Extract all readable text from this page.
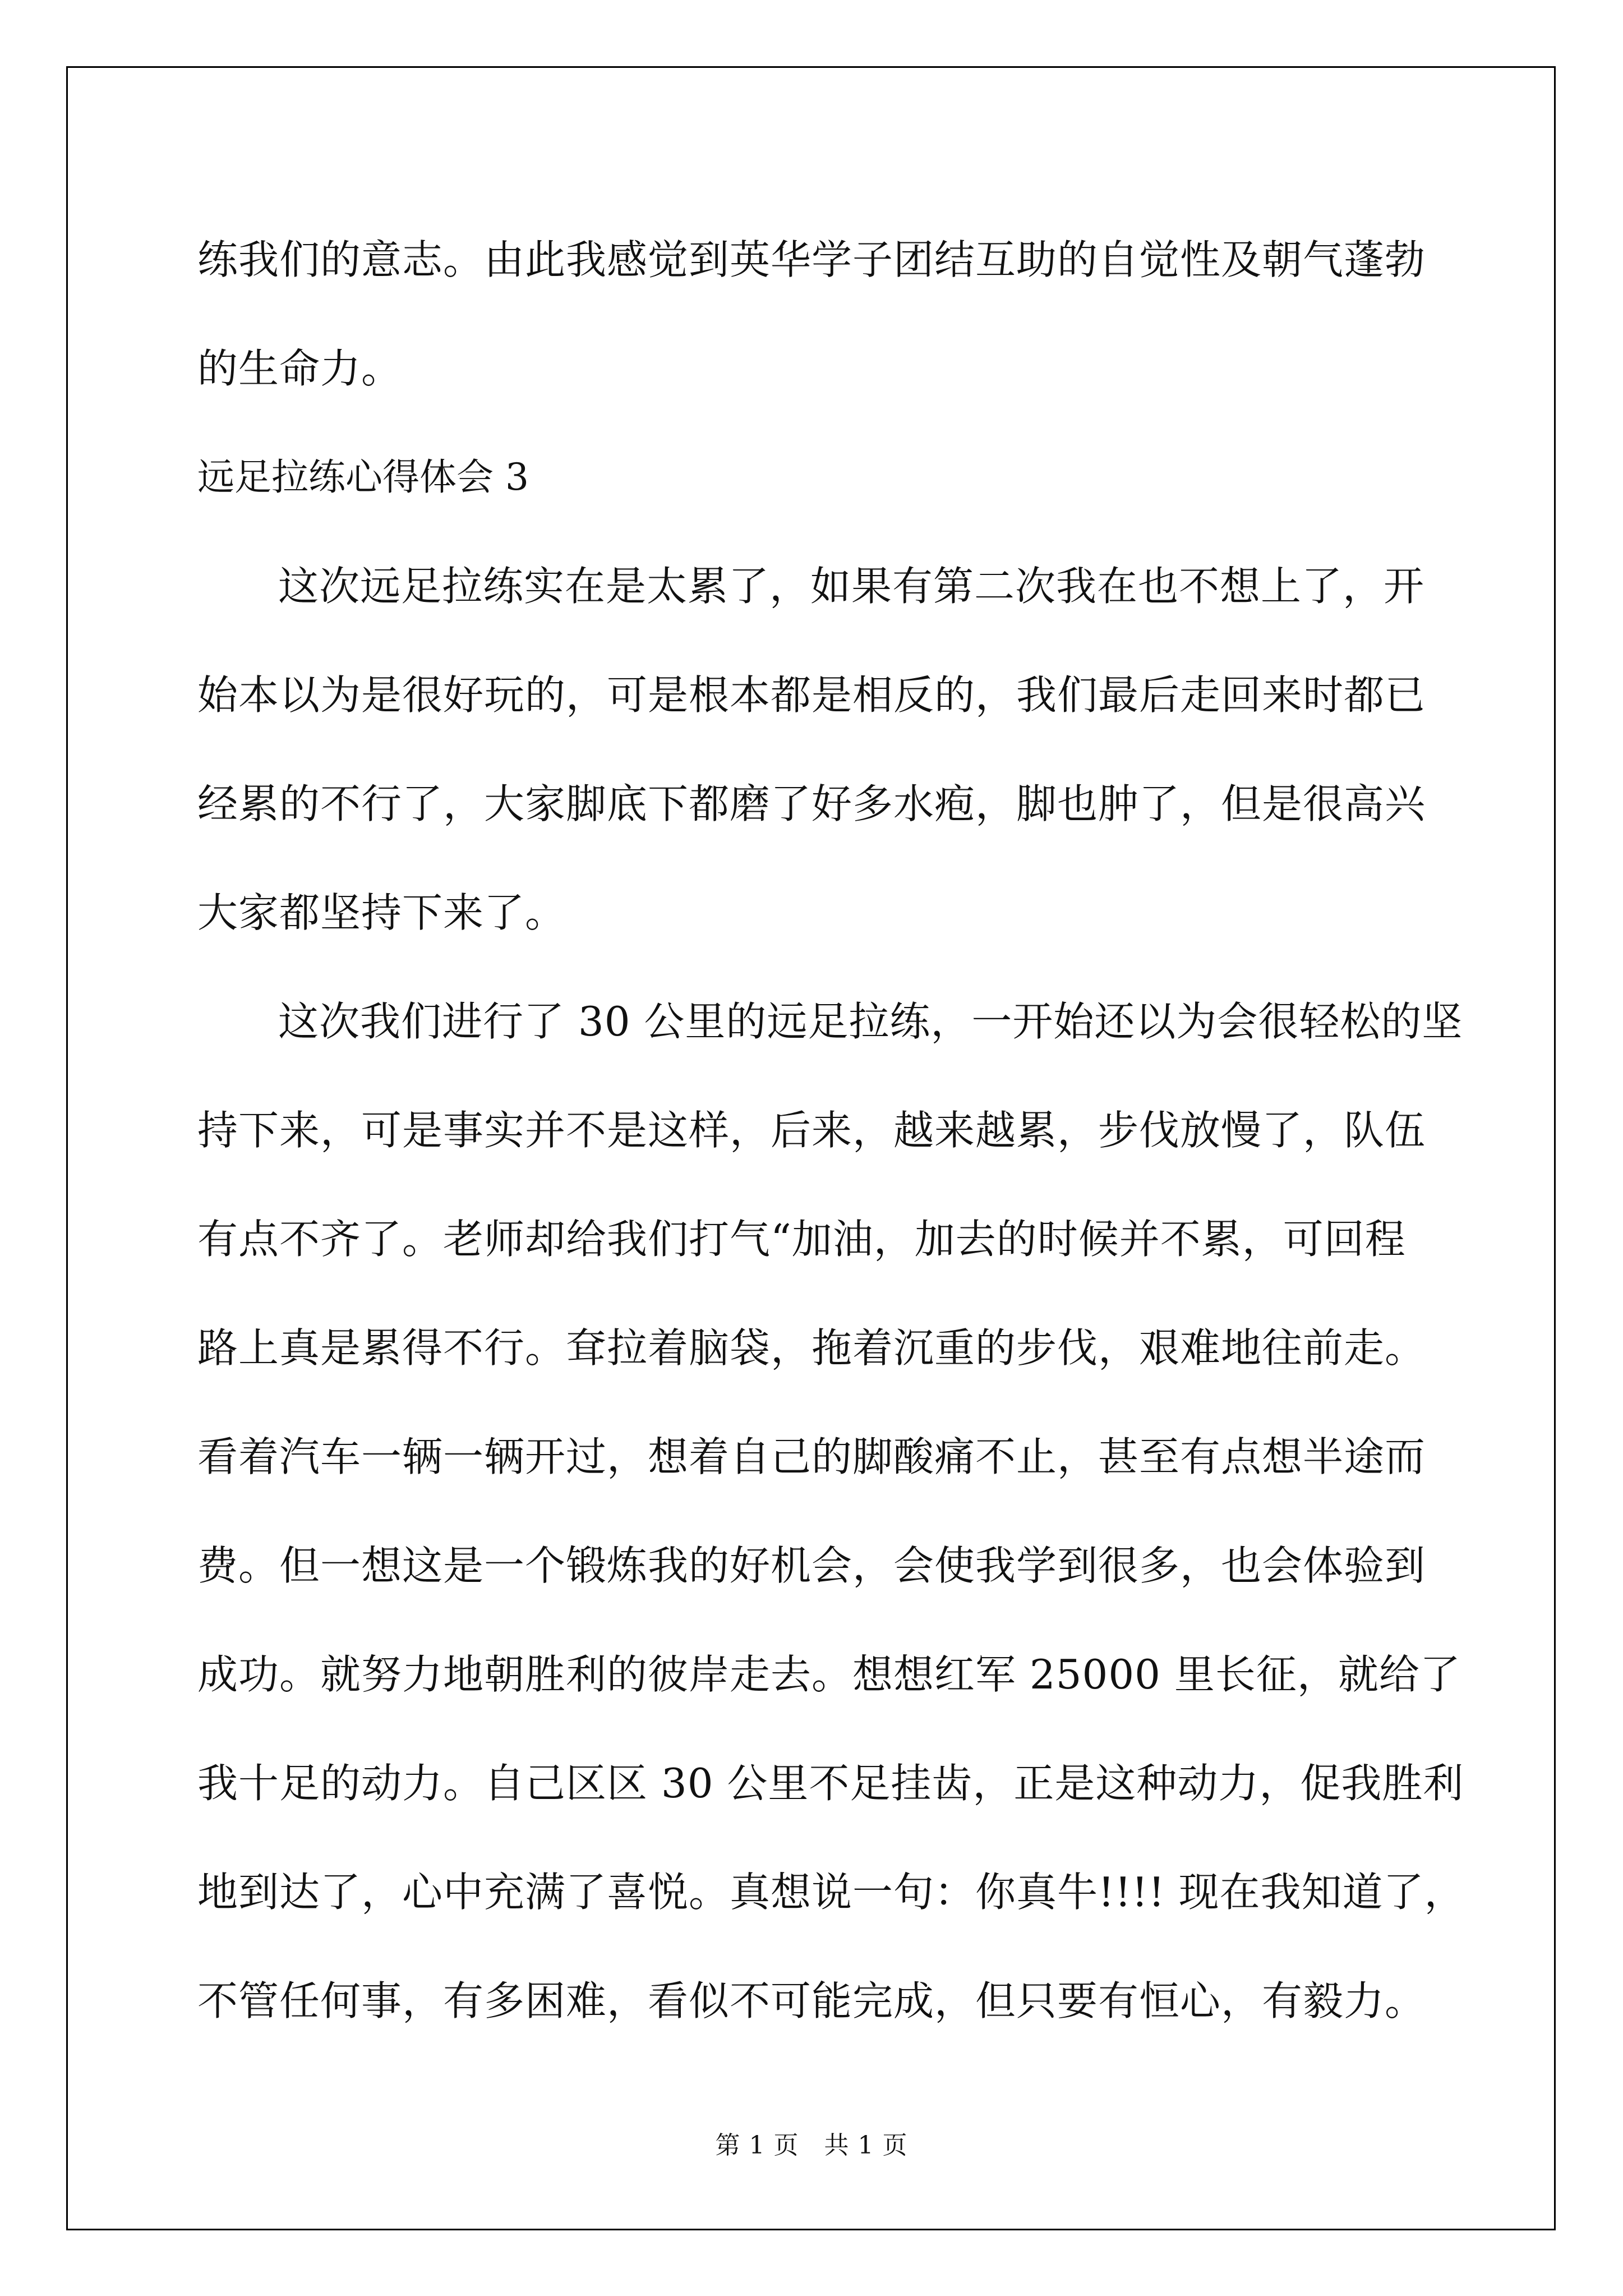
练我们的意志。由此我感觉到英华学子团结互助的自觉性及朝气蓬勃
的生命力。
远足拉练心得体会 3
这次远足拉练实在是太累了，如果有第二次我在也不想上了，开
始本以为是很好玩的，可是根本都是相反的，我们最后走回来时都已
经累的不行了，大家脚底下都磨了好多水疱，脚也肿了，但是很高兴
大家都坚持下来了。
这次我们进行了 30 公里的远足拉练，一开始还以为会很轻松的坚
持下来，可是事实并不是这样，后来，越来越累，步伐放慢了，队伍
有点不齐了。老师却给我们打气“加油，加去的时候并不累，可回程
路上真是累得不行。耷拉着脑袋，拖着沉重的步伐，艰难地往前走。
看着汽车一辆一辆开过，想着自己的脚酸痛不止，甚至有点想半途而
费。但一想这是一个锻炼我的好机会，会使我学到很多，也会体验到
成功。就努力地朝胜利的彼岸走去。想想红军 25000 里长征，就给了
我十足的动力。自己区区 30 公里不足挂齿，正是这种动力，促我胜利
地到达了，心中充满了喜悦。真想说一句：你真牛!!!! 现在我知道了，
不管任何事，有多困难，看似不可能完成，但只要有恒心，有毅力。
第 1 页　共 1 页
